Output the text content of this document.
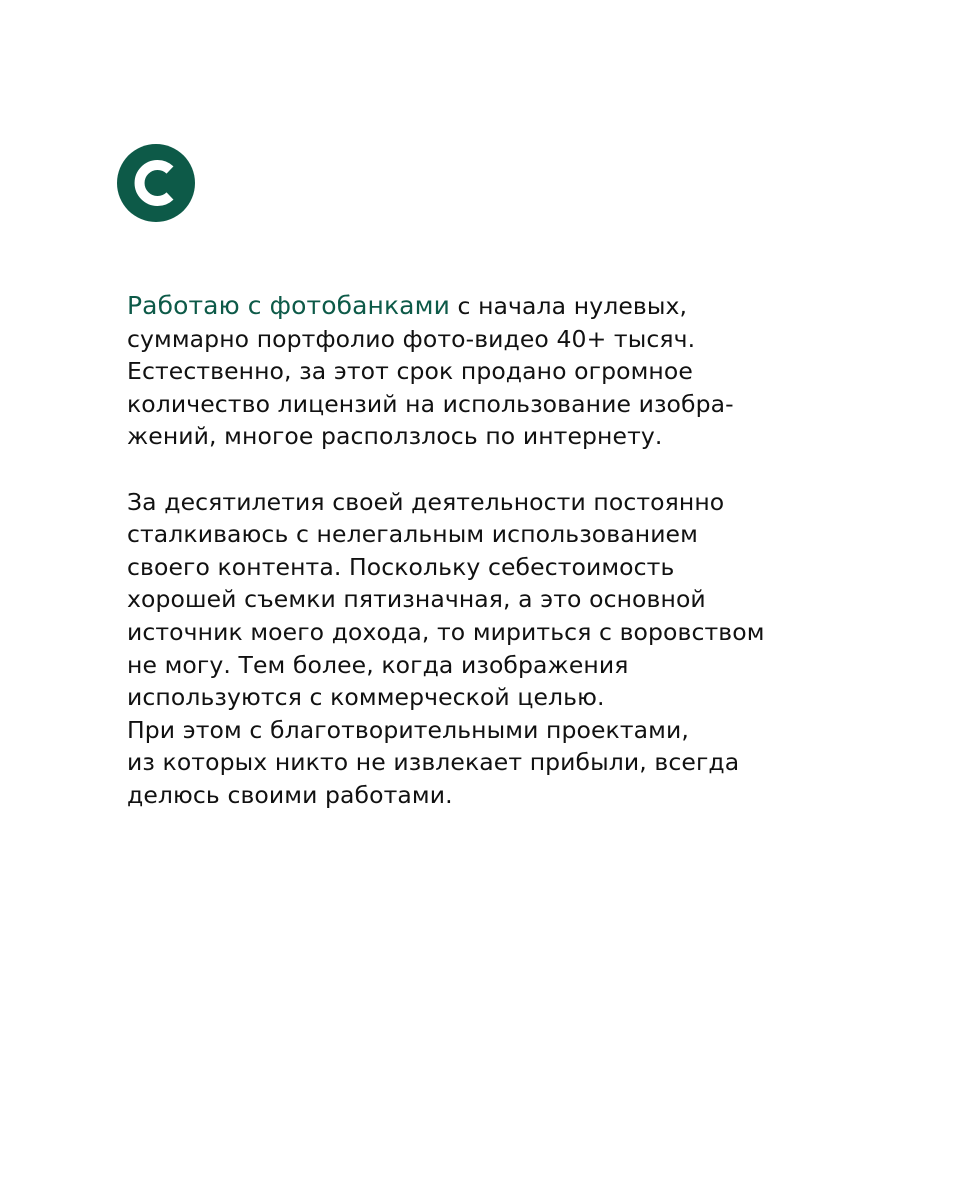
Работаю с фотобанками с начала нулевых,
суммарно портфолио фото-видео 40+ тысяч.
Естественно, за этот срок продано огромное
количество лицензий на использование изобра-
жений, многое расползлось по интернету.

За десятилетия своей деятельности постоянно
сталкиваюсь с нелегальным использованием
своего контента. Поскольку себестоимость
хорошей съемки пятизначная, а это основной
источник моего дохода, то мириться с воровством
не могу. Тем более, когда изображения
используются с коммерческой целью.
При этом с благотворительными проектами,
из которых никто не извлекает прибыли, всегда
делюсь своими работами.
